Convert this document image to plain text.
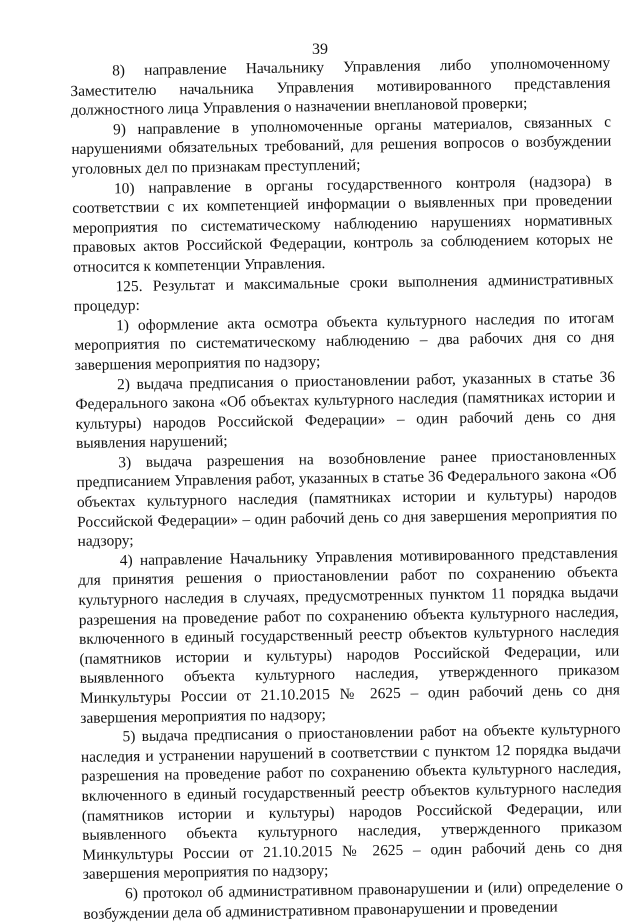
39

8) направление Начальнику Управления либо уполномоченному Заместителю начальника Управления мотивированного представления должностного лица Управления о назначении внеплановой проверки;

9) направление в уполномоченные органы материалов, связанных с нарушениями обязательных требований, для решения вопросов о возбуждении уголовных дел по признакам преступлений;

10) направление в органы государственного контроля (надзора) в соответствии с их компетенцией информации о выявленных при проведении мероприятия по систематическому наблюдению нарушениях нормативных правовых актов Российской Федерации, контроль за соблюдением которых не относится к компетенции Управления.

125. Результат и максимальные сроки выполнения административных процедур:

1) оформление акта осмотра объекта культурного наследия по итогам мероприятия по систематическому наблюдению – два рабочих дня со дня завершения мероприятия по надзору;

2) выдача предписания о приостановлении работ, указанных в статье 36 Федерального закона «Об объектах культурного наследия (памятниках истории и культуры) народов Российской Федерации» – один рабочий день со дня выявления нарушений;

3) выдача разрешения на возобновление ранее приостановленных предписанием Управления работ, указанных в статье 36 Федерального закона «Об объектах культурного наследия (памятниках истории и культуры) народов Российской Федерации» – один рабочий день со дня завершения мероприятия по надзору;

4) направление Начальнику Управления мотивированного представления для принятия решения о приостановлении работ по сохранению объекта культурного наследия в случаях, предусмотренных пунктом 11 порядка выдачи разрешения на проведение работ по сохранению объекта культурного наследия, включенного в единый государственный реестр объектов культурного наследия (памятников истории и культуры) народов Российской Федерации, или выявленного объекта культурного наследия, утвержденного приказом Минкультуры России от 21.10.2015 № 2625 – один рабочий день со дня завершения мероприятия по надзору;

5) выдача предписания о приостановлении работ на объекте культурного наследия и устранении нарушений в соответствии с пунктом 12 порядка выдачи разрешения на проведение работ по сохранению объекта культурного наследия, включенного в единый государственный реестр объектов культурного наследия (памятников истории и культуры) народов Российской Федерации, или выявленного объекта культурного наследия, утвержденного приказом Минкультуры России от 21.10.2015 № 2625 – один рабочий день со дня завершения мероприятия по надзору;

6) протокол об административном правонарушении и (или) определение о возбуждении дела об административном правонарушении и проведении
